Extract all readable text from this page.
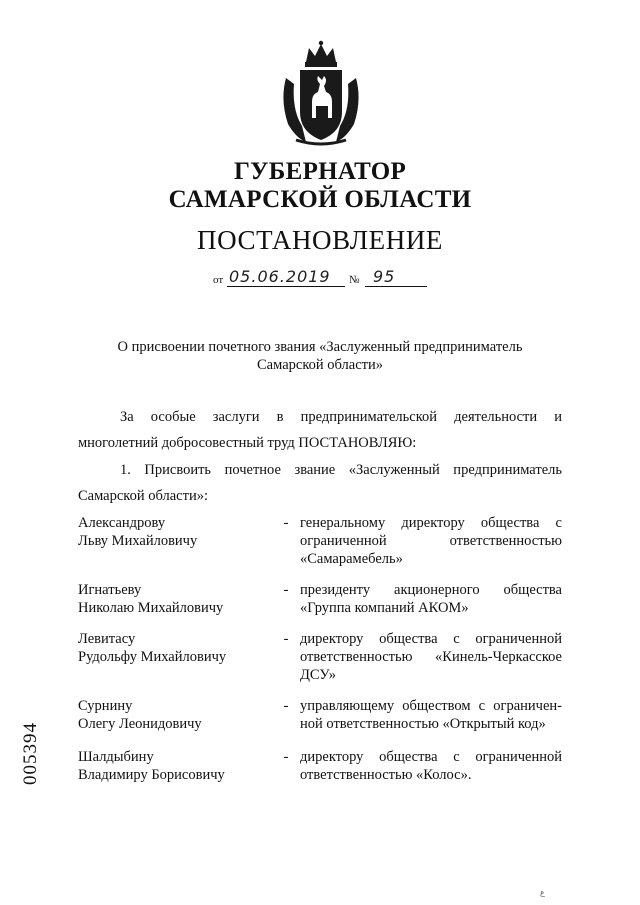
ГУБЕРНАТОР
САМАРСКОЙ ОБЛАСТИ
ПОСТАНОВЛЕНИЕ
от 05.06.2019 № 95
О присвоении почетного звания «Заслуженный предприниматель
Самарской области»
За особые заслуги в предпринимательской деятельности и
многолетний добросовестный труд ПОСТАНОВЛЯЮ:
1. Присвоить почетное звание «Заслуженный предприниматель
Самарской области»:
Александрову
Льву Михайловичу
- генеральному директору общества с ограниченной ответственностью «Самарамебель»
Игнатьеву
Николаю Михайловичу
- президенту акционерного общества «Группа компаний АКОМ»
Левитасу
Рудольфу Михайловичу
- директору общества с ограниченной ответственностью «Кинель-Черкасское ДСУ»
Сурнину
Олегу Леонидовичу
- управляющему обществом с ограничен-ной ответственностью «Открытый код»
Шалдыбину
Владимиру Борисовичу
- директору общества с ограниченной ответственностью «Колос».
005394
ع
